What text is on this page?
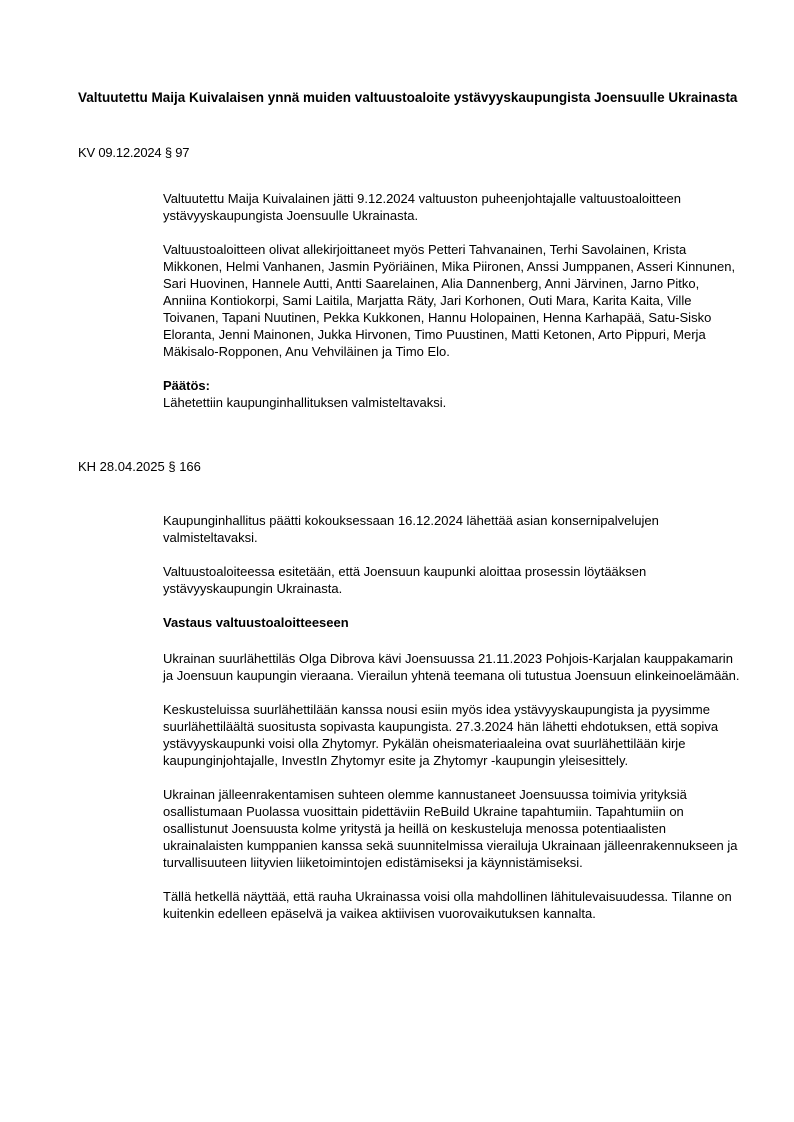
Valtuutettu Maija Kuivalaisen ynnä muiden valtuustoaloite ystävyyskaupungista Joensuulle Ukrainasta
KV 09.12.2024 § 97

Valtuutettu Maija Kuivalainen jätti 9.12.2024 valtuuston puheenjohtajalle valtuustoaloitteen ystävyyskaupungista Joensuulle Ukrainasta.

Valtuustoaloitteen olivat allekirjoittaneet myös Petteri Tahvanainen, Terhi Savolainen, Krista Mikkonen, Helmi Vanhanen, Jasmin Pyöriäinen, Mika Piironen, Anssi Jumppanen, Asseri Kinnunen, Sari Huovinen, Hannele Autti, Antti Saarelainen, Alia Dannenberg, Anni Järvinen, Jarno Pitko, Anniina Kontiokorpi, Sami Laitila, Marjatta Räty, Jari Korhonen, Outi Mara, Karita Kaita, Ville Toivanen, Tapani Nuutinen, Pekka Kukkonen, Hannu Holopainen, Henna Karhapää, Satu-Sisko Eloranta, Jenni Mainonen, Jukka Hirvonen, Timo Puustinen, Matti Ketonen, Arto Pippuri, Merja Mäkisalo-Ropponen, Anu Vehviläinen ja Timo Elo.

Päätös:

Lähetettiin kaupunginhallituksen valmisteltavaksi.

KH 28.04.2025 § 166

Kaupunginhallitus päätti kokouksessaan 16.12.2024 lähettää asian konsernipalvelujen valmisteltavaksi.

Valtuustoaloiteessa esitetään, että Joensuun kaupunki aloittaa prosessin löytääksen ystävyyskaupungin Ukrainasta.

Vastaus valtuustoaloitteeseen

Ukrainan suurlähettiläs Olga Dibrova kävi Joensuussa 21.11.2023 Pohjois-Karjalan kauppakamarin ja Joensuun kaupungin vieraana. Vierailun yhtenä teemana oli tutustua Joensuun elinkeinoelämään.

Keskusteluissa suurlähettilään kanssa nousi esiin myös idea ystävyyskaupungista ja pyysimme suurlähettiläältä suositusta sopivasta kaupungista. 27.3.2024 hän lähetti ehdotuksen, että sopiva ystävyyskaupunki voisi olla Zhytomyr. Pykälän oheismateriaaleina ovat suurlähettilään kirje kaupunginjohtajalle, InvestIn Zhytomyr esite ja Zhytomyr -kaupungin yleisesittely.

Ukrainan jälleenrakentamisen suhteen olemme kannustaneet Joensuussa toimivia yrityksiä osallistumaan Puolassa vuosittain pidettäviin ReBuild Ukraine tapahtumiin. Tapahtumiin on osallistunut Joensuusta kolme yritystä ja heillä on keskusteluja menossa potentiaalisten ukrainalaisten kumppanien kanssa sekä suunnitelmissa vierailuja Ukrainaan jälleenrakennukseen ja turvallisuuteen liityvien liiketoimintojen edistämiseksi ja käynnistämiseksi.

Tällä hetkellä näyttää, että rauha Ukrainassa voisi olla mahdollinen lähitulevaisuudessa. Tilanne on kuitenkin edelleen epäselvä ja vaikea aktiivisen vuorovaikutuksen kannalta.
